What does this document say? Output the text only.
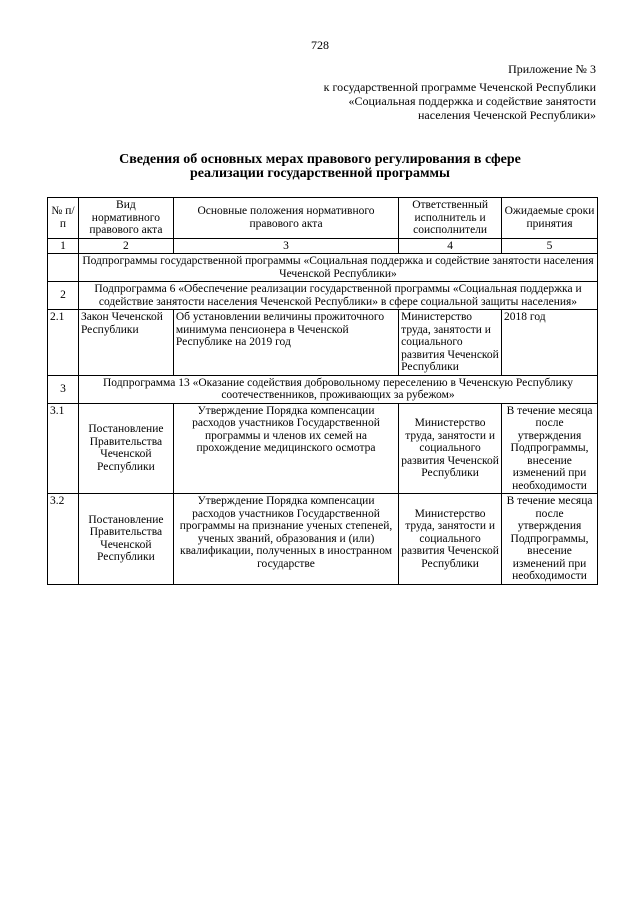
728
Приложение № 3
к государственной программе Чеченской Республики
«Социальная поддержка и содействие занятости
населения Чеченской Республики»
Сведения об основных мерах правового регулирования в сфере
реализации государственной программы
№ п/п	Вид нормативного правового акта	Основные положения нормативного правового акта	Ответственный исполнитель и соисполнители	Ожидаемые сроки принятия
1	2	3	4	5
	Подпрограммы государственной программы «Социальная поддержка и содействие занятости населения Чеченской Республики»			
2	Подпрограмма 6 «Обеспечение реализации государственной программы «Социальная поддержка и содействие занятости населения Чеченской Республики» в сфере социальной защиты населения»			
2.1	Закон Чеченской Республики	Об установлении величины прожиточного минимума пенсионера в Чеченской Республике на 2019 год	Министерство труда, занятости и социального развития Чеченской Республики	2018 год
3	Подпрограмма 13 «Оказание содействия добровольному переселению в Чеченскую Республику соотечественников, проживающих за рубежом»			
3.1	Постановление Правительства Чеченской Республики	Утверждение Порядка компенсации расходов участников Государственной программы и членов их семей на прохождение медицинского осмотра	Министерство труда, занятости и социального развития Чеченской Республики	В течение месяца после утверждения Подпрограммы, внесение изменений при необходимости
3.2	Постановление Правительства Чеченской Республики	Утверждение Порядка компенсации расходов участников Государственной программы на признание ученых степеней, ученых званий, образования и (или) квалификации, полученных в иностранном государстве	Министерство труда, занятости и социального развития Чеченской Республики	В течение месяца после утверждения Подпрограммы, внесение изменений при необходимости
